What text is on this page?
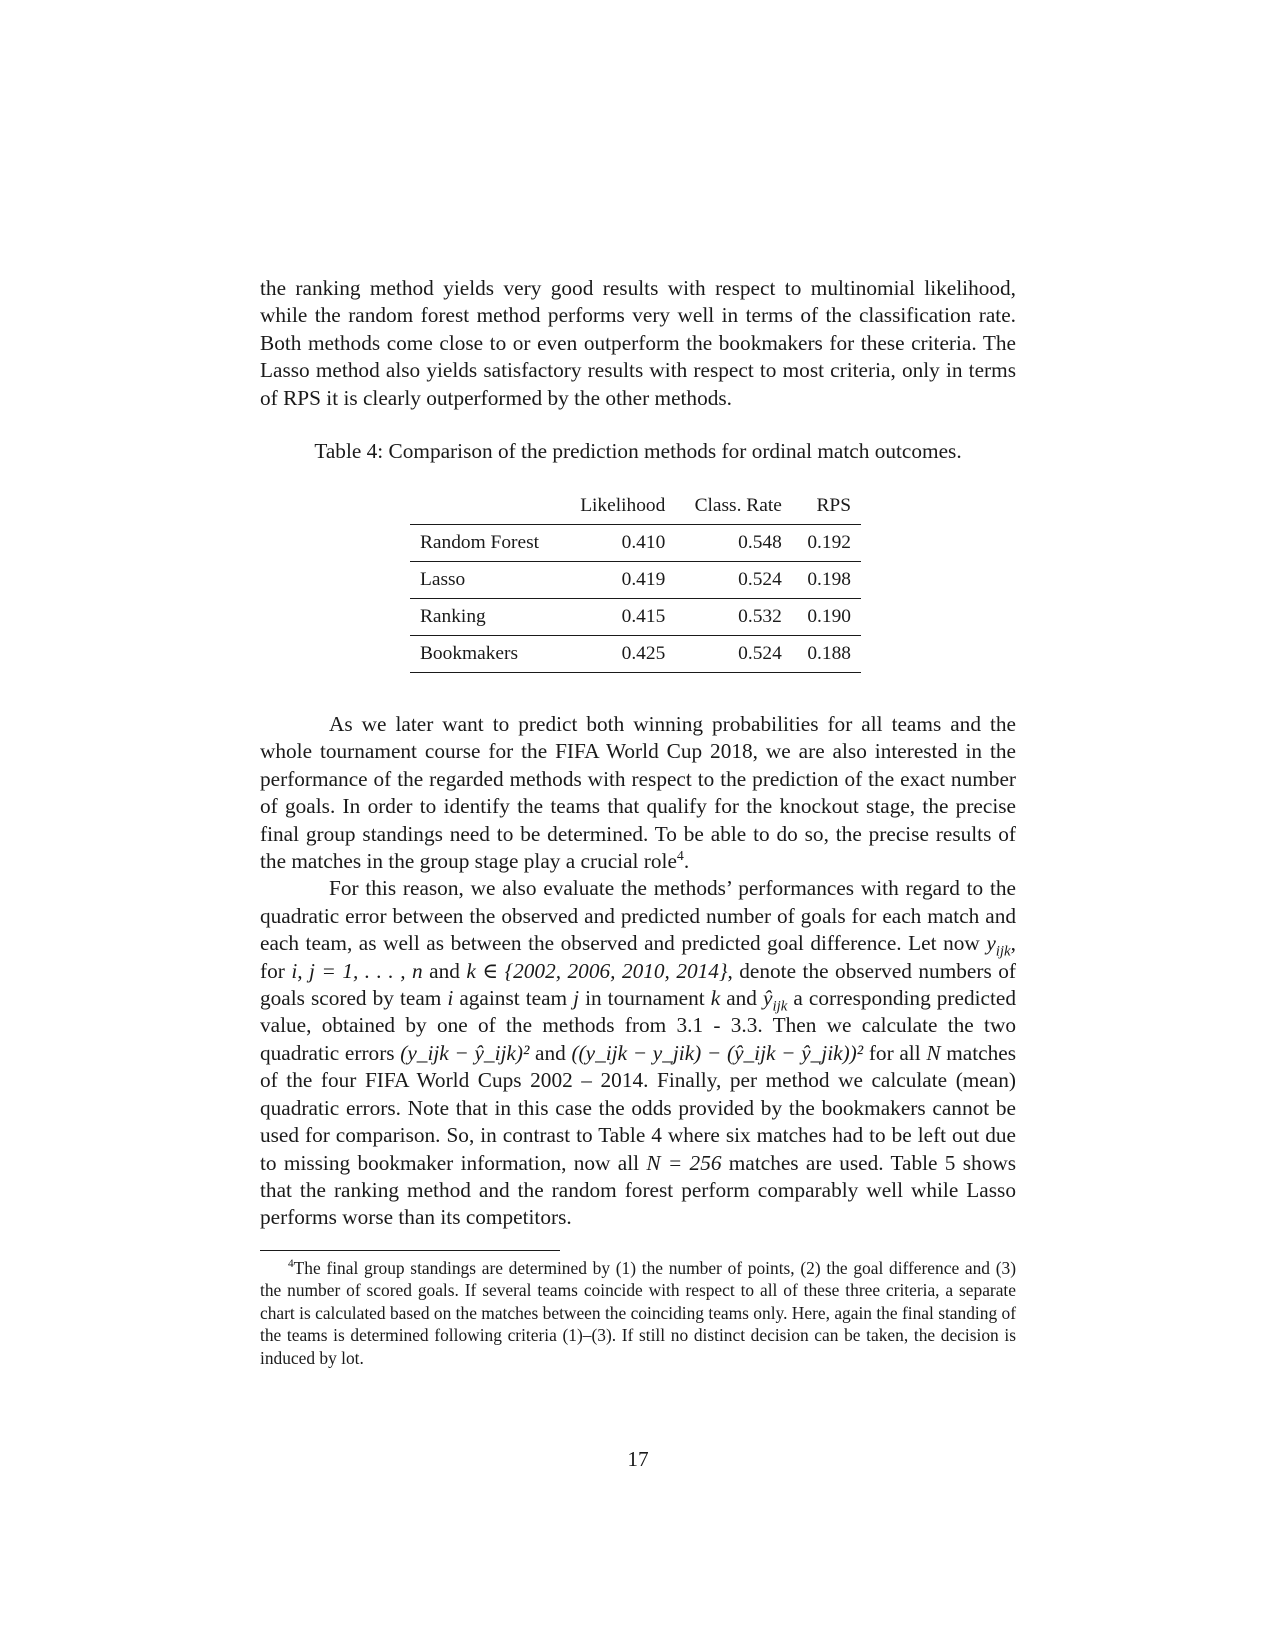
the ranking method yields very good results with respect to multinomial likelihood, while the random forest method performs very well in terms of the classification rate. Both methods come close to or even outperform the bookmakers for these criteria. The Lasso method also yields satisfactory results with respect to most criteria, only in terms of RPS it is clearly outperformed by the other methods.

Table 4: Comparison of the prediction methods for ordinal match outcomes.
	Likelihood	Class. Rate	RPS
Random Forest	0.410	0.548	0.192
Lasso	0.419	0.524	0.198
Ranking	0.415	0.532	0.190
Bookmakers	0.425	0.524	0.188

As we later want to predict both winning probabilities for all teams and the whole tournament course for the FIFA World Cup 2018, we are also interested in the performance of the regarded methods with respect to the prediction of the exact number of goals. In order to identify the teams that qualify for the knockout stage, the precise final group standings need to be determined. To be able to do so, the precise results of the matches in the group stage play a crucial role$^4$.

For this reason, we also evaluate the methods’ performances with regard to the quadratic error between the observed and predicted number of goals for each match and each team, as well as between the observed and predicted goal difference. Let now $y_{ijk}$, for i, j = 1, . . . , n and k ∈ {2002, 2006, 2010, 2014}, denote the observed numbers of goals scored by team i against team j in tournament k and $ŷ_{ijk}$ a corresponding predicted value, obtained by one of the methods from 3.1 - 3.3. Then we calculate the two quadratic errors (y_ijk − ŷ_ijk)² and ((y_ijk − y_jik) − (ŷ_ijk − ŷ_jik))² for all N matches of the four FIFA World Cups 2002 – 2014. Finally, per method we calculate (mean) quadratic errors. Note that in this case the odds provided by the bookmakers cannot be used for comparison. So, in contrast to Table 4 where six matches had to be left out due to missing bookmaker information, now all N = 256 matches are used. Table 5 shows that the ranking method and the random forest perform comparably well while Lasso performs worse than its competitors.

$^4$The final group standings are determined by (1) the number of points, (2) the goal difference and (3) the number of scored goals. If several teams coincide with respect to all of these three criteria, a separate chart is calculated based on the matches between the coinciding teams only. Here, again the final standing of the teams is determined following criteria (1)–(3). If still no distinct decision can be taken, the decision is induced by lot.

17
